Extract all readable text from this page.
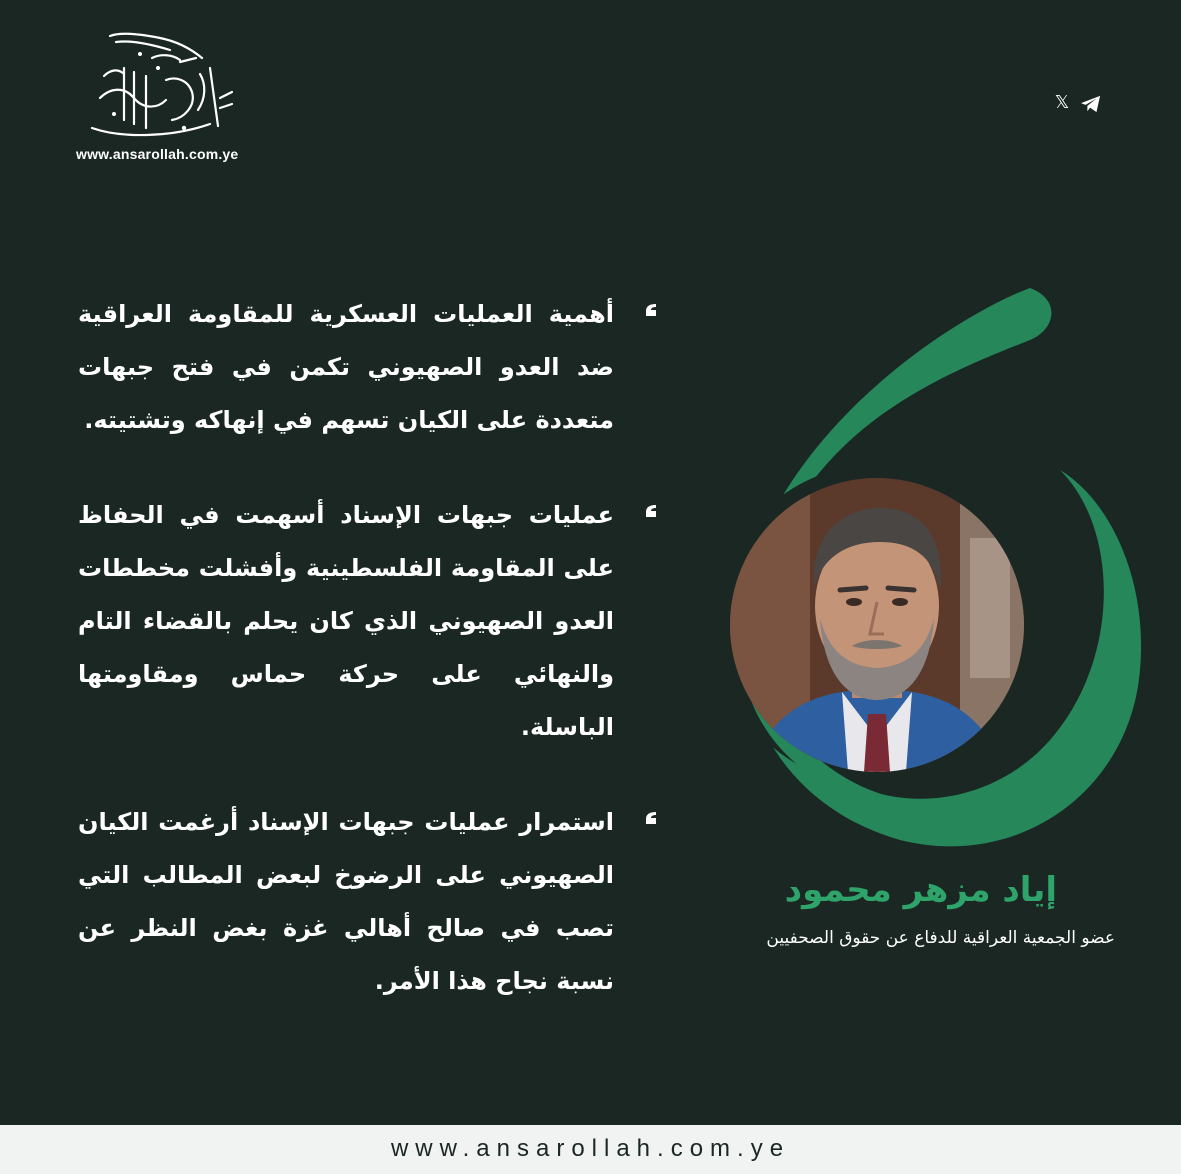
www.ansarollah.com.ye
𝕏
إياد مزهر محمود
عضو الجمعية العراقية للدفاع عن حقوق الصحفيين
أهمية العمليات العسكرية للمقاومة العراقية ضد العدو الصهيوني تكمن في فتح جبهات متعددة على الكيان تسهم في إنهاكه وتشتيته.
عمليات جبهات الإسناد أسهمت في الحفاظ على المقاومة الفلسطينية وأفشلت مخططات العدو الصهيوني الذي كان يحلم بالقضاء التام والنهائي على حركة حماس ومقاومتها الباسلة.
استمرار عمليات جبهات الإسناد أرغمت الكيان الصهيوني على الرضوخ لبعض المطالب التي تصب في صالح أهالي غزة بغض النظر عن نسبة نجاح هذا الأمر.
www.ansarollah.com.ye
